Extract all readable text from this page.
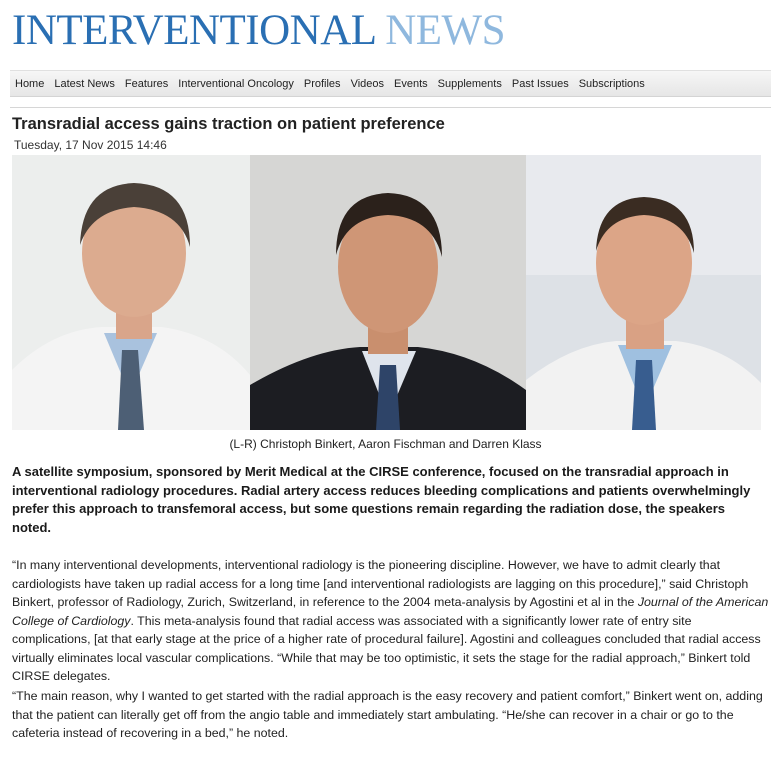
INTERVENTIONAL NEWS
Home Latest News Features Interventional Oncology Profiles Videos Events Supplements Past Issues Subscriptions
Transradial access gains traction on patient preference
Tuesday, 17 Nov 2015 14:46
(L-R) Christoph Binkert, Aaron Fischman and Darren Klass

A satellite symposium, sponsored by Merit Medical at the CIRSE conference, focused on the transradial approach in interventional radiology procedures. Radial artery access reduces bleeding complications and patients overwhelmingly prefer this approach to transfemoral access, but some questions remain regarding the radiation dose, the speakers noted.

“In many interventional developments, interventional radiology is the pioneering discipline. However, we have to admit clearly that cardiologists have taken up radial access for a long time [and interventional radiologists are lagging on this procedure],” said Christoph Binkert, professor of Radiology, Zurich, Switzerland, in reference to the 2004 meta-analysis by Agostini et al in the Journal of the American College of Cardiology. This meta-analysis found that radial access was associated with a significantly lower rate of entry site complications, [at that early stage at the price of a higher rate of procedural failure]. Agostini and colleagues concluded that radial access virtually eliminates local vascular complications. “While that may be too optimistic, it sets the stage for the radial approach,” Binkert told CIRSE delegates.

“The main reason, why I wanted to get started with the radial approach is the easy recovery and patient comfort,” Binkert went on, adding that the patient can literally get off from the angio table and immediately start ambulating. “He/she can recover in a chair or go to the cafeteria instead of recovering in a bed,” he noted.
